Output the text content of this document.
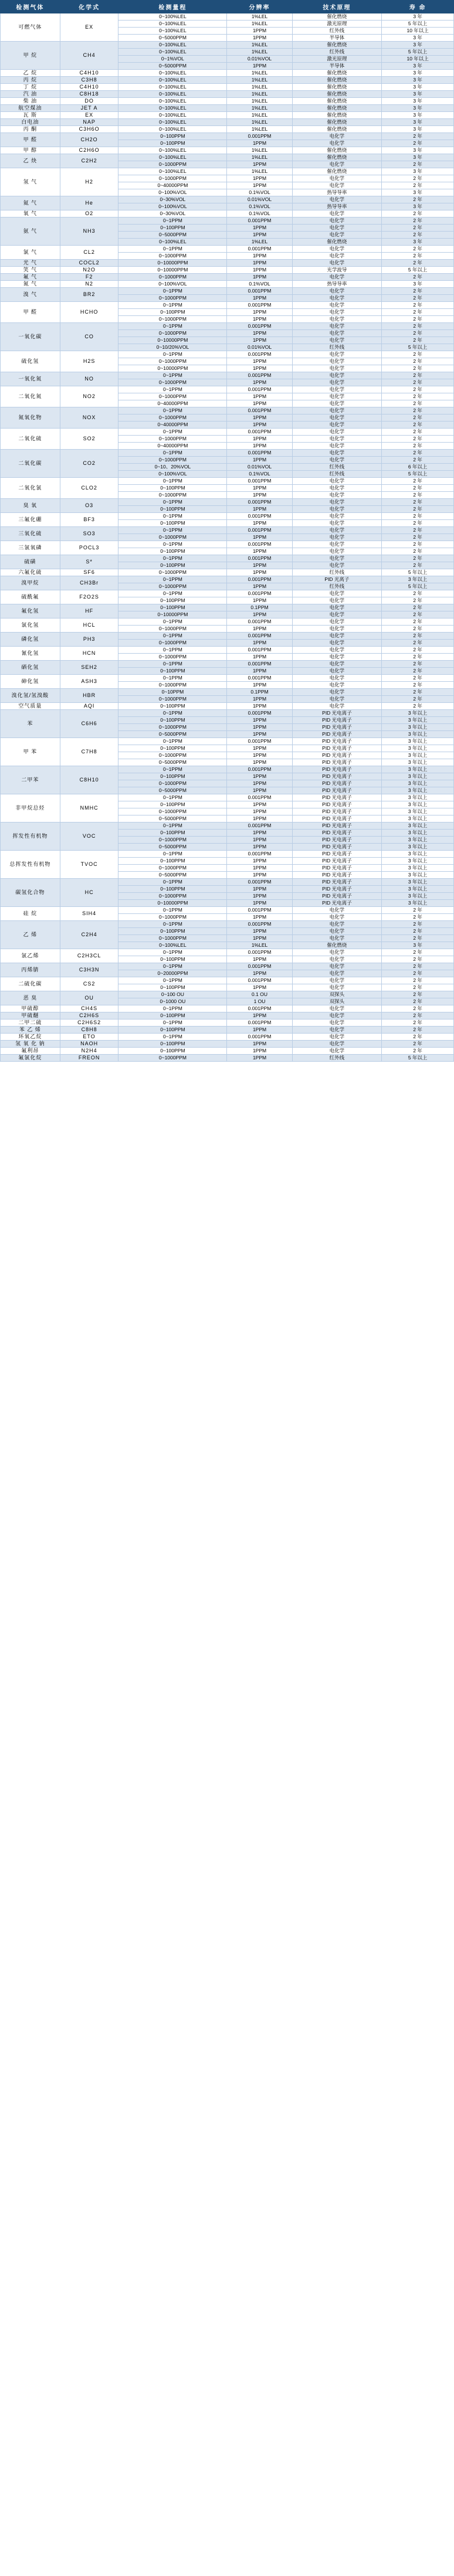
检测气体	化学式	检测量程	分辨率	技术原理	寿 命
可燃气体	EX	0~100%LEL	1%LEL	催化燃烧	3 年
		0~100%LEL	1%LEL	激光原理	5 年以上
		0~100%LEL	1PPM	红外线	10 年以上
		0~5000PPM	1PPM	半导体	3 年
甲 烷	CH4	0~100%LEL	1%LEL	催化燃烧	3 年
		0~100%LEL	1%LEL	红外线	5 年以上
		0~1%VOL	0.01%VOL	激光原理	10 年以上
		0~5000PPM	1PPM	半导体	3 年
乙 烷	C4H10	0~100%LEL	1%LEL	催化燃烧	3 年
丙 烷	C3H8	0~100%LEL	1%LEL	催化燃烧	3 年
丁 烷	C4H10	0~100%LEL	1%LEL	催化燃烧	3 年
汽 油	C8H18	0~100%LEL	1%LEL	催化燃烧	3 年
柴 油	DO	0~100%LEL	1%LEL	催化燃烧	3 年
航空煤油	JET A	0~100%LEL	1%LEL	催化燃烧	3 年
瓦 斯	EX	0~100%LEL	1%LEL	催化燃烧	3 年
白电油	NAP	0~100%LEL	1%LEL	催化燃烧	3 年
丙 酮	C3H6O	0~100%LEL	1%LEL	催化燃烧	3 年
甲 醛	CH2O	0~100PPM	0.001PPM	电化学	2 年
		0~100PPM	1PPM	电化学	2 年
甲 醇	C2H6O	0~100%LEL	1%LEL	催化燃烧	3 年
乙 炔	C2H2	0~100%LEL	1%LEL	催化燃烧	3 年
		0~1000PPM	1PPM	电化学	2 年
氢 气	H2	0~100%LEL	1%LEL	催化燃烧	3 年
		0~1000PPM	1PPM	电化学	2 年
		0~40000PPM	1PPM	电化学	2 年
		0~100%VOL	0.1%VOL	热导导率	3 年
氦 气	He	0~30%VOL	0.01%VOL	电化学	2 年
		0~100%VOL	0.1%VOL	热导导率	3 年
氧 气	O2	0~30%VOL	0.1%VOL	电化学	2 年
氨 气	NH3	0~1PPM	0.001PPM	电化学	2 年
		0~100PPM	1PPM	电化学	2 年
		0~5000PPM	1PPM	电化学	2 年
		0~100%LEL	1%LEL	催化燃烧	3 年
氯 气	CL2	0~1PPM	0.001PPM	电化学	2 年
		0~1000PPM	1PPM	电化学	2 年
光 气	COCL2	0~10000PPM	1PPM	电化学	2 年
笑 气	N2O	0~10000PPM	1PPM	光学波导	5 年以上
氟 气	F2	0~1000PPM	1PPM	电化学	2 年
氮 气	N2	0~100%VOL	0.1%VOL	热导导率	3 年
溴 气	BR2	0~1PPM	0.001PPM	电化学	2 年
		0~1000PPM	1PPM	电化学	2 年
甲 醛	HCHO	0~1PPM	0.001PPM	电化学	2 年
		0~100PPM	1PPM	电化学	2 年
		0~1000PPM	1PPM	电化学	2 年
一氧化碳	CO	0~1PPM	0.001PPM	电化学	2 年
		0~1000PPM	1PPM	电化学	2 年
		0~10000PPM	1PPM	电化学	2 年
		0~10/20%VOL	0.01%VOL	红外线	5 年以上
硫化氢	H2S	0~1PPM	0.001PPM	电化学	2 年
		0~1000PPM	1PPM	电化学	2 年
		0~10000PPM	1PPM	电化学	2 年
一氧化氮	NO	0~1PPM	0.001PPM	电化学	2 年
		0~1000PPM	1PPM	电化学	2 年
二氧化氮	NO2	0~1PPM	0.001PPM	电化学	2 年
		0~1000PPM	1PPM	电化学	2 年
		0~40000PPM	1PPM	电化学	2 年
氮氧化物	NOX	0~1PPM	0.001PPM	电化学	2 年
		0~1000PPM	1PPM	电化学	2 年
		0~40000PPM	1PPM	电化学	2 年
二氧化硫	SO2	0~1PPM	0.001PPM	电化学	2 年
		0~1000PPM	1PPM	电化学	2 年
		0~40000PPM	1PPM	电化学	2 年
二氧化碳	CO2	0~1PPM	0.001PPM	电化学	2 年
		0~1000PPM	1PPM	电化学	2 年
		0~10、20%VOL	0.01%VOL	红外线	6 年以上
		0~100%VOL	0.1%VOL	红外线	5 年以上
二氧化氯	CLO2	0~1PPM	0.001PPM	电化学	2 年
		0~100PPM	1PPM	电化学	2 年
		0~1000PPM	1PPM	电化学	2 年
臭 氧	O3	0~1PPM	0.001PPM	电化学	2 年
		0~100PPM	1PPM	电化学	2 年
三氟化硼	BF3	0~1PPM	0.001PPM	电化学	2 年
		0~100PPM	1PPM	电化学	2 年
三氧化硫	SO3	0~1PPM	0.001PPM	电化学	2 年
		0~1000PPM	1PPM	电化学	2 年
三氯氧磷	POCL3	0~1PPM	0.001PPM	电化学	2 年
		0~100PPM	1PPM	电化学	2 年
硫磺	S*	0~1PPM	0.001PPM	电化学	2 年
		0~100PPM	1PPM	电化学	2 年
六氟化硫	SF6	0~1000PPM	1PPM	红外线	5 年以上
溴甲烷	CH3Br	0~1PPM	0.001PPM	PID 光离子	3 年以上
		0~1000PPM	1PPM	红外线	5 年以上
硫酰氟	F2O2S	0~1PPM	0.001PPM	电化学	2 年
		0~100PPM	1PPM	电化学	2 年
氟化氢	HF	0~100PPM	0.1PPM	电化学	2 年
		0~10000PPM	1PPM	电化学	2 年
氯化氢	HCL	0~1PPM	0.001PPM	电化学	2 年
		0~1000PPM	1PPM	电化学	2 年
磷化氢	PH3	0~1PPM	0.001PPM	电化学	2 年
		0~1000PPM	1PPM	电化学	2 年
氰化氢	HCN	0~1PPM	0.001PPM	电化学	2 年
		0~1000PPM	1PPM	电化学	2 年
硒化氢	SEH2	0~1PPM	0.001PPM	电化学	2 年
		0~100PPM	1PPM	电化学	2 年
砷化氢	ASH3	0~1PPM	0.001PPM	电化学	2 年
		0~1000PPM	1PPM	电化学	2 年
溴化氢/氢溴酸	HBR	0~10PPM	0.1PPM	电化学	2 年
		0~1000PPM	1PPM	电化学	2 年
空气质量	AQI	0~100PPM	1PPM	电化学	2 年
苯	C6H6	0~1PPM	0.001PPM	PID 光电离子	3 年以上
		0~100PPM	1PPM	PID 光电离子	3 年以上
		0~1000PPM	1PPM	PID 光电离子	3 年以上
		0~5000PPM	1PPM	PID 光电离子	3 年以上
甲 苯	C7H8	0~1PPM	0.001PPM	PID 光电离子	3 年以上
		0~100PPM	1PPM	PID 光电离子	3 年以上
		0~1000PPM	1PPM	PID 光电离子	3 年以上
		0~5000PPM	1PPM	PID 光电离子	3 年以上
二甲苯	C8H10	0~1PPM	0.001PPM	PID 光电离子	3 年以上
		0~100PPM	1PPM	PID 光电离子	3 年以上
		0~1000PPM	1PPM	PID 光电离子	3 年以上
		0~5000PPM	1PPM	PID 光电离子	3 年以上
非甲烷总烃	NMHC	0~1PPM	0.001PPM	PID 光电离子	3 年以上
		0~100PPM	1PPM	PID 光电离子	3 年以上
		0~1000PPM	1PPM	PID 光电离子	3 年以上
		0~5000PPM	1PPM	PID 光电离子	3 年以上
挥发性有机物	VOC	0~1PPM	0.001PPM	PID 光电离子	3 年以上
		0~100PPM	1PPM	PID 光电离子	3 年以上
		0~1000PPM	1PPM	PID 光电离子	3 年以上
		0~5000PPM	1PPM	PID 光电离子	3 年以上
总挥发性有机物	TVOC	0~1PPM	0.001PPM	PID 光电离子	3 年以上
		0~100PPM	1PPM	PID 光电离子	3 年以上
		0~1000PPM	1PPM	PID 光电离子	3 年以上
		0~5000PPM	1PPM	PID 光电离子	3 年以上
碳氢化合物	HC	0~1PPM	0.001PPM	PID 光电离子	3 年以上
		0~100PPM	1PPM	PID 光电离子	3 年以上
		0~1000PPM	1PPM	PID 光电离子	3 年以上
		0~10000PPM	1PPM	PID 光电离子	3 年以上
硅 烷	SIH4	0~1PPM	0.001PPM	电化学	2 年
		0~1000PPM	1PPM	电化学	2 年
乙 烯	C2H4	0~1PPM	0.001PPM	电化学	2 年
		0~100PPM	1PPM	电化学	2 年
		0~1000PPM	1PPM	电化学	2 年
		0~100%LEL	1%LEL	催化燃烧	3 年
氯乙烯	C2H3CL	0~1PPM	0.001PPM	电化学	2 年
		0~100PPM	1PPM	电化学	2 年
丙烯腈	C3H3N	0~1PPM	0.001PPM	电化学	2 年
		0~20000PPM	1PPM	电化学	2 年
二硫化碳	CS2	0~1PPM	0.001PPM	电化学	2 年
		0~100PPM	1PPM	电化学	2 年
恶 臭	OU	0~100 OU	0.1 OU	双探头	2 年
		0~1000 OU	1 OU	双探头	2 年
甲硫醇	CH4S	0~1PPM	0.001PPM	电化学	2 年
甲硫醚	C2H6S	0~100PPM	1PPM	电化学	2 年
二甲二硫	C2H6S2	0~1PPM	0.001PPM	电化学	2 年
苯 乙 烯	C8H8	0~100PPM	1PPM	电化学	2 年
环氧乙烷	ETO	0~1PPM	0.001PPM	电化学	2 年
氢 氧 化 钠	NAOH	0~100PPM	1PPM	电化学	2 年
氟利昂	N2H4	0~100PPM	1PPM	电化学	2 年
氟氯化烷	FREON	0~1000PPM	1PPM	红外线	5 年以上
